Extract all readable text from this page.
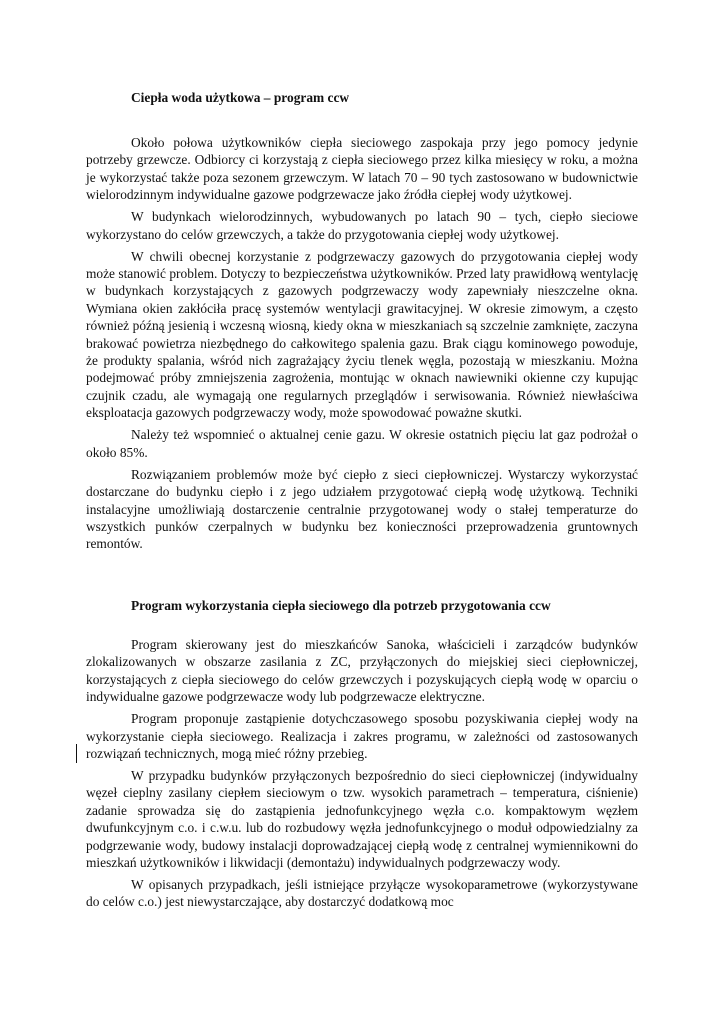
Ciepła woda użytkowa – program ccw

Około połowa użytkowników ciepła sieciowego zaspokaja przy jego pomocy jedynie potrzeby grzewcze. Odbiorcy ci korzystają z ciepła sieciowego przez kilka miesięcy w roku, a można je wykorzystać także poza sezonem grzewczym. W latach 70 – 90 tych zastosowano w budownictwie wielorodzinnym indywidualne gazowe podgrzewacze jako źródła ciepłej wody użytkowej.

W budynkach wielorodzinnych, wybudowanych po latach 90 – tych, ciepło sieciowe wykorzystano do celów grzewczych, a także do przygotowania ciepłej wody użytkowej.

W chwili obecnej korzystanie z podgrzewaczy gazowych do przygotowania ciepłej wody może stanowić problem. Dotyczy to bezpieczeństwa użytkowników. Przed laty prawidłową wentylację w budynkach korzystających z gazowych podgrzewaczy wody zapewniały nieszczelne okna. Wymiana okien zakłóciła pracę systemów wentylacji grawitacyjnej. W okresie zimowym, a często również późną jesienią i wczesną wiosną, kiedy okna w mieszkaniach są szczelnie zamknięte, zaczyna brakować powietrza niezbędnego do całkowitego spalenia gazu. Brak ciągu kominowego powoduje, że produkty spalania, wśród nich zagrażający życiu tlenek węgla, pozostają w mieszkaniu. Można podejmować próby zmniejszenia zagrożenia, montując w oknach nawiewniki okienne czy kupując czujnik czadu, ale wymagają one regularnych przeglądów i serwisowania. Również niewłaściwa eksploatacja gazowych podgrzewaczy wody, może spowodować poważne skutki.

Należy też wspomnieć o aktualnej cenie gazu. W okresie ostatnich pięciu lat gaz podrożał o około 85%.

Rozwiązaniem problemów może być ciepło z sieci ciepłowniczej. Wystarczy wykorzystać dostarczane do budynku ciepło i z jego udziałem przygotować ciepłą wodę użytkową. Techniki instalacyjne umożliwiają dostarczenie centralnie przygotowanej wody o stałej temperaturze do wszystkich punków czerpalnych w budynku bez konieczności przeprowadzenia gruntownych remontów.

Program wykorzystania ciepła sieciowego dla potrzeb przygotowania ccw

Program skierowany jest do mieszkańców Sanoka, właścicieli i zarządców budynków zlokalizowanych w obszarze zasilania z ZC, przyłączonych do miejskiej sieci ciepłowniczej, korzystających z ciepła sieciowego do celów grzewczych i pozyskujących ciepłą wodę w oparciu o indywidualne gazowe podgrzewacze wody lub podgrzewacze elektryczne.

Program proponuje zastąpienie dotychczasowego sposobu pozyskiwania ciepłej wody na wykorzystanie ciepła sieciowego. Realizacja i zakres programu, w zależności od zastosowanych rozwiązań technicznych, mogą mieć różny przebieg.

W przypadku budynków przyłączonych bezpośrednio do sieci ciepłowniczej (indywidualny węzeł cieplny zasilany ciepłem sieciowym o tzw. wysokich parametrach – temperatura, ciśnienie) zadanie sprowadza się do zastąpienia jednofunkcyjnego węzła c.o. kompaktowym węzłem dwufunkcyjnym c.o. i c.w.u. lub do rozbudowy węzła jednofunkcyjnego o moduł odpowiedzialny za podgrzewanie wody, budowy instalacji doprowadzającej ciepłą wodę z centralnej wymiennikowni do mieszkań użytkowników i likwidacji (demontażu) indywidualnych podgrzewaczy wody.

W opisanych przypadkach, jeśli istniejące przyłącze wysokoparametrowe (wykorzystywane do celów c.o.) jest niewystarczające, aby dostarczyć dodatkową moc
